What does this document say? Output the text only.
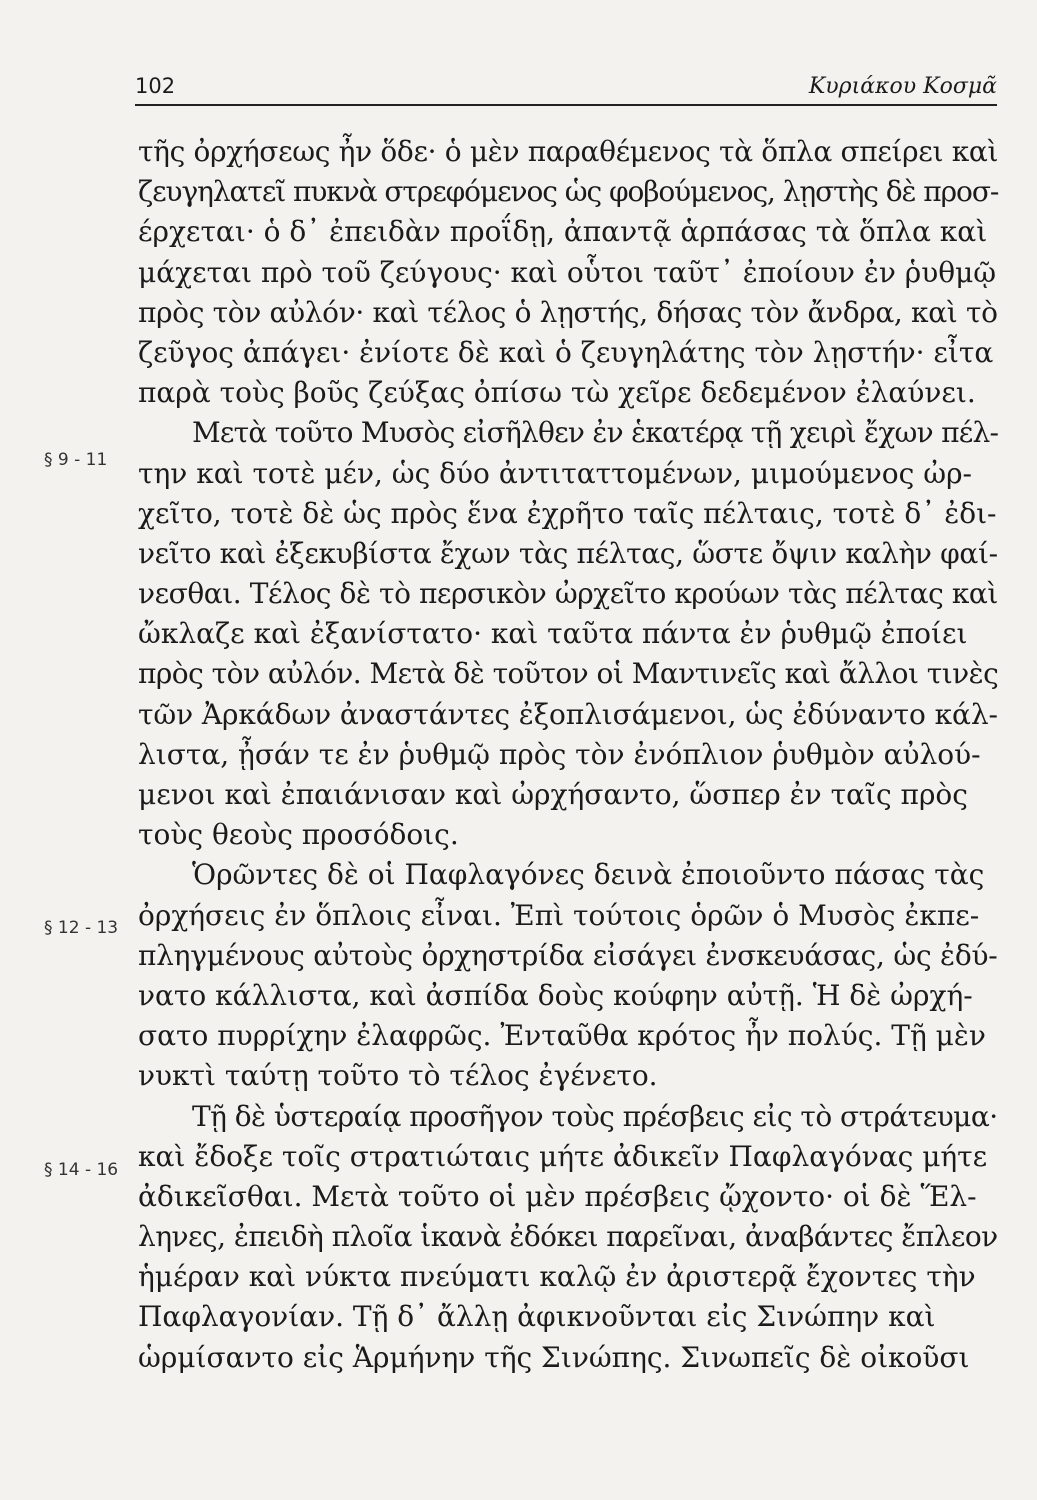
102	Κυριάκου Κοσμᾶ
§ 9 - 11
§ 12 - 13
§ 14 - 16
τῆς ὀρχήσεως ἦν ὅδε· ὁ μὲν παραθέμενος τὰ ὅπλα σπείρει καὶ
ζευγηλατεῖ πυκνὰ στρεφόμενος ὡς φοβούμενος, λῃστὴς δὲ προσ-
έρχεται· ὁ δ᾽ ἐπειδὰν προΐδῃ, ἀπαντᾷ ἁρπάσας τὰ ὅπλα καὶ
μάχεται πρὸ τοῦ ζεύγους· καὶ οὗτοι ταῦτ᾽ ἐποίουν ἐν ῥυθμῷ
πρὸς τὸν αὐλόν· καὶ τέλος ὁ λῃστής, δήσας τὸν ἄνδρα, καὶ τὸ
ζεῦγος ἀπάγει· ἐνίοτε δὲ καὶ ὁ ζευγηλάτης τὸν λῃστήν· εἶτα
παρὰ τοὺς βοῦς ζεύξας ὀπίσω τὼ χεῖρε δεδεμένον ἐλαύνει.
Μετὰ τοῦτο Μυσὸς εἰσῆλθεν ἐν ἑκατέρᾳ τῇ χειρὶ ἔχων πέλ-
την καὶ τοτὲ μέν, ὡς δύο ἀντιταττομένων, μιμούμενος ὠρ-
χεῖτο, τοτὲ δὲ ὡς πρὸς ἕνα ἐχρῆτο ταῖς πέλταις, τοτὲ δ᾽ ἐδι-
νεῖτο καὶ ἐξεκυβίστα ἔχων τὰς πέλτας, ὥστε ὄψιν καλὴν φαί-
νεσθαι. Τέλος δὲ τὸ περσικὸν ὠρχεῖτο κρούων τὰς πέλτας καὶ
ὤκλαζε καὶ ἐξανίστατο· καὶ ταῦτα πάντα ἐν ῥυθμῷ ἐποίει
πρὸς τὸν αὐλόν. Μετὰ δὲ τοῦτον οἱ Μαντινεῖς καὶ ἄλλοι τινὲς
τῶν Ἀρκάδων ἀναστάντες ἐξοπλισάμενοι, ὡς ἐδύναντο κάλ-
λιστα, ᾖσάν τε ἐν ῥυθμῷ πρὸς τὸν ἐνόπλιον ῥυθμὸν αὐλού-
μενοι καὶ ἐπαιάνισαν καὶ ὠρχήσαντο, ὥσπερ ἐν ταῖς πρὸς
τοὺς θεοὺς προσόδοις.
Ὁρῶντες δὲ οἱ Παφλαγόνες δεινὰ ἐποιοῦντο πάσας τὰς
ὀρχήσεις ἐν ὅπλοις εἶναι. Ἐπὶ τούτοις ὁρῶν ὁ Μυσὸς ἐκπε-
πληγμένους αὐτοὺς ὀρχηστρίδα εἰσάγει ἐνσκευάσας, ὡς ἐδύ-
νατο κάλλιστα, καὶ ἀσπίδα δοὺς κούφην αὐτῇ. Ἡ δὲ ὠρχή-
σατο πυρρίχην ἐλαφρῶς. Ἐνταῦθα κρότος ἦν πολύς. Τῇ μὲν
νυκτὶ ταύτῃ τοῦτο τὸ τέλος ἐγένετο.
Τῇ δὲ ὑστεραίᾳ προσῆγον τοὺς πρέσβεις εἰς τὸ στράτευμα·
καὶ ἔδοξε τοῖς στρατιώταις μήτε ἀδικεῖν Παφλαγόνας μήτε
ἀδικεῖσθαι. Μετὰ τοῦτο οἱ μὲν πρέσβεις ᾤχοντο· οἱ δὲ Ἕλ-
ληνες, ἐπειδὴ πλοῖα ἱκανὰ ἐδόκει παρεῖναι, ἀναβάντες ἔπλεον
ἡμέραν καὶ νύκτα πνεύματι καλῷ ἐν ἀριστερᾷ ἔχοντες τὴν
Παφλαγονίαν. Τῇ δ᾽ ἄλλῃ ἀφικνοῦνται εἰς Σινώπην καὶ
ὡρμίσαντο εἰς Ἁρμήνην τῆς Σινώπης. Σινωπεῖς δὲ οἰκοῦσι
